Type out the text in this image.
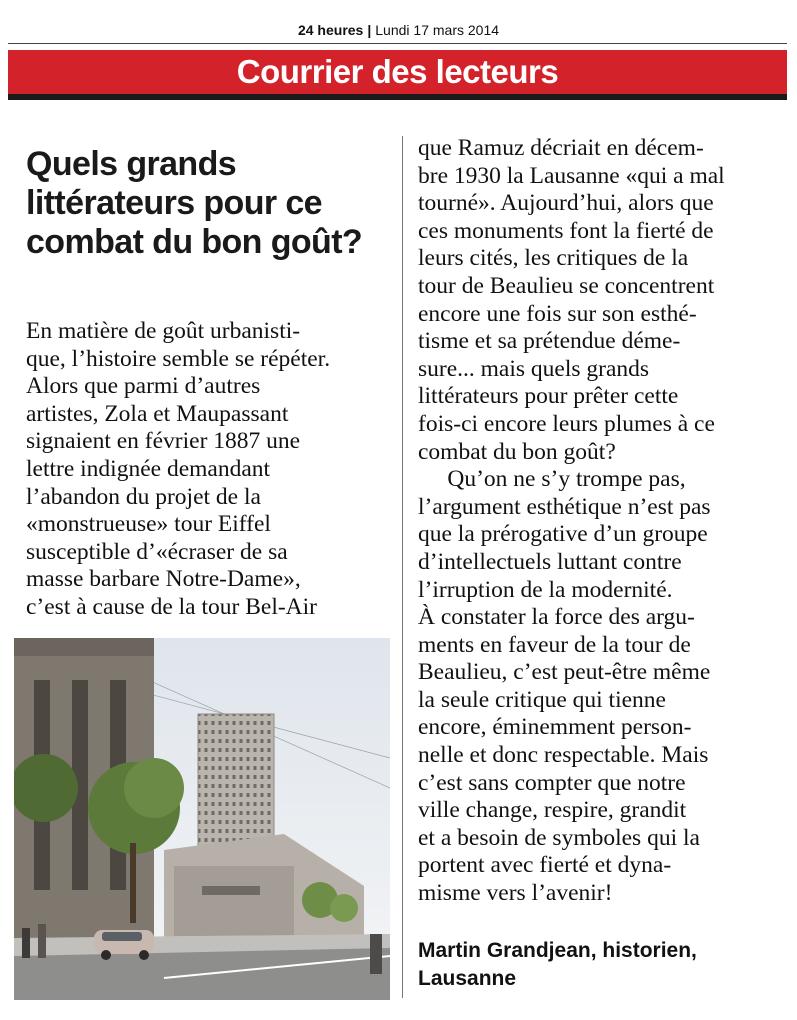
24 heures | Lundi 17 mars 2014
Courrier des lecteurs
Quels grands littérateurs pour ce combat du bon goût?

En matière de goût urbanisti-
que, l’histoire semble se répéter.
Alors que parmi d’autres
artistes, Zola et Maupassant
signaient en février 1887 une
lettre indignée demandant
l’abandon du projet de la
«monstrueuse» tour Eiffel
susceptible d’«écraser de sa
masse barbare Notre-Dame»,
c’est à cause de la tour Bel-Air

que Ramuz décriait en décem-
bre 1930 la Lausanne «qui a mal
tourné». Aujourd’hui, alors que
ces monuments font la fierté de
leurs cités, les critiques de la
tour de Beaulieu se concentrent
encore une fois sur son esthé-
tisme et sa prétendue démе-
sure... mais quels grands
littérateurs pour prêter cette
fois-ci encore leurs plumes à ce
combat du bon goût?
Qu’on ne s’y trompe pas,
l’argument esthétique n’est pas
que la prérogative d’un groupe
d’intellectuels luttant contre
l’irruption de la modernité.
À constater la force des argu-
ments en faveur de la tour de
Beaulieu, c’est peut-être même
la seule critique qui tienne
encore, éminemment person-
nelle et donc respectable. Mais
c’est sans compter que notre
ville change, respire, grandit
et a besoin de symboles qui la
portent avec fierté et dyna-
misme vers l’avenir!

Martin Grandjean, historien,
Lausanne
